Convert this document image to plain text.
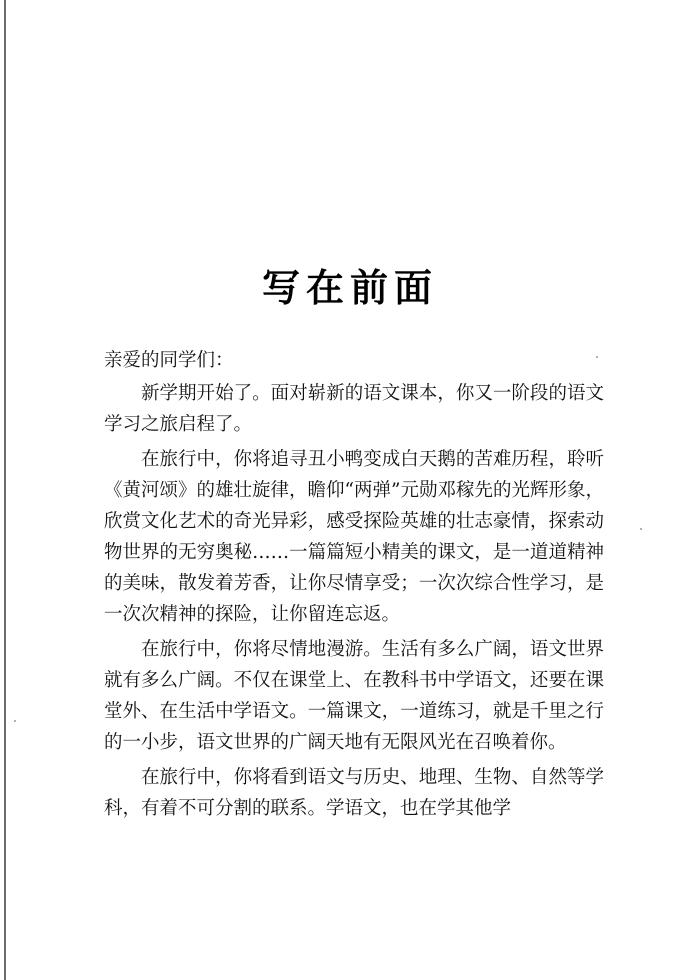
写在前面

亲爱的同学们：

新学期开始了。面对崭新的语文课本，你又一阶段的语文学习之旅启程了。

在旅行中，你将追寻丑小鸭变成白天鹅的苦难历程，聆听《黄河颂》的雄壮旋律，瞻仰“两弹”元勋邓稼先的光辉形象，欣赏文化艺术的奇光异彩，感受探险英雄的壮志豪情，探索动物世界的无穷奥秘……一篇篇短小精美的课文，是一道道精神的美味，散发着芳香，让你尽情享受；一次次综合性学习，是一次次精神的探险，让你留连忘返。

在旅行中，你将尽情地漫游。生活有多么广阔，语文世界就有多么广阔。不仅在课堂上、在教科书中学语文，还要在课堂外、在生活中学语文。一篇课文，一道练习，就是千里之行的一小步，语文世界的广阔天地有无限风光在召唤着你。

在旅行中，你将看到语文与历史、地理、生物、自然等学科，有着不可分割的联系。学语文，也在学其他学
